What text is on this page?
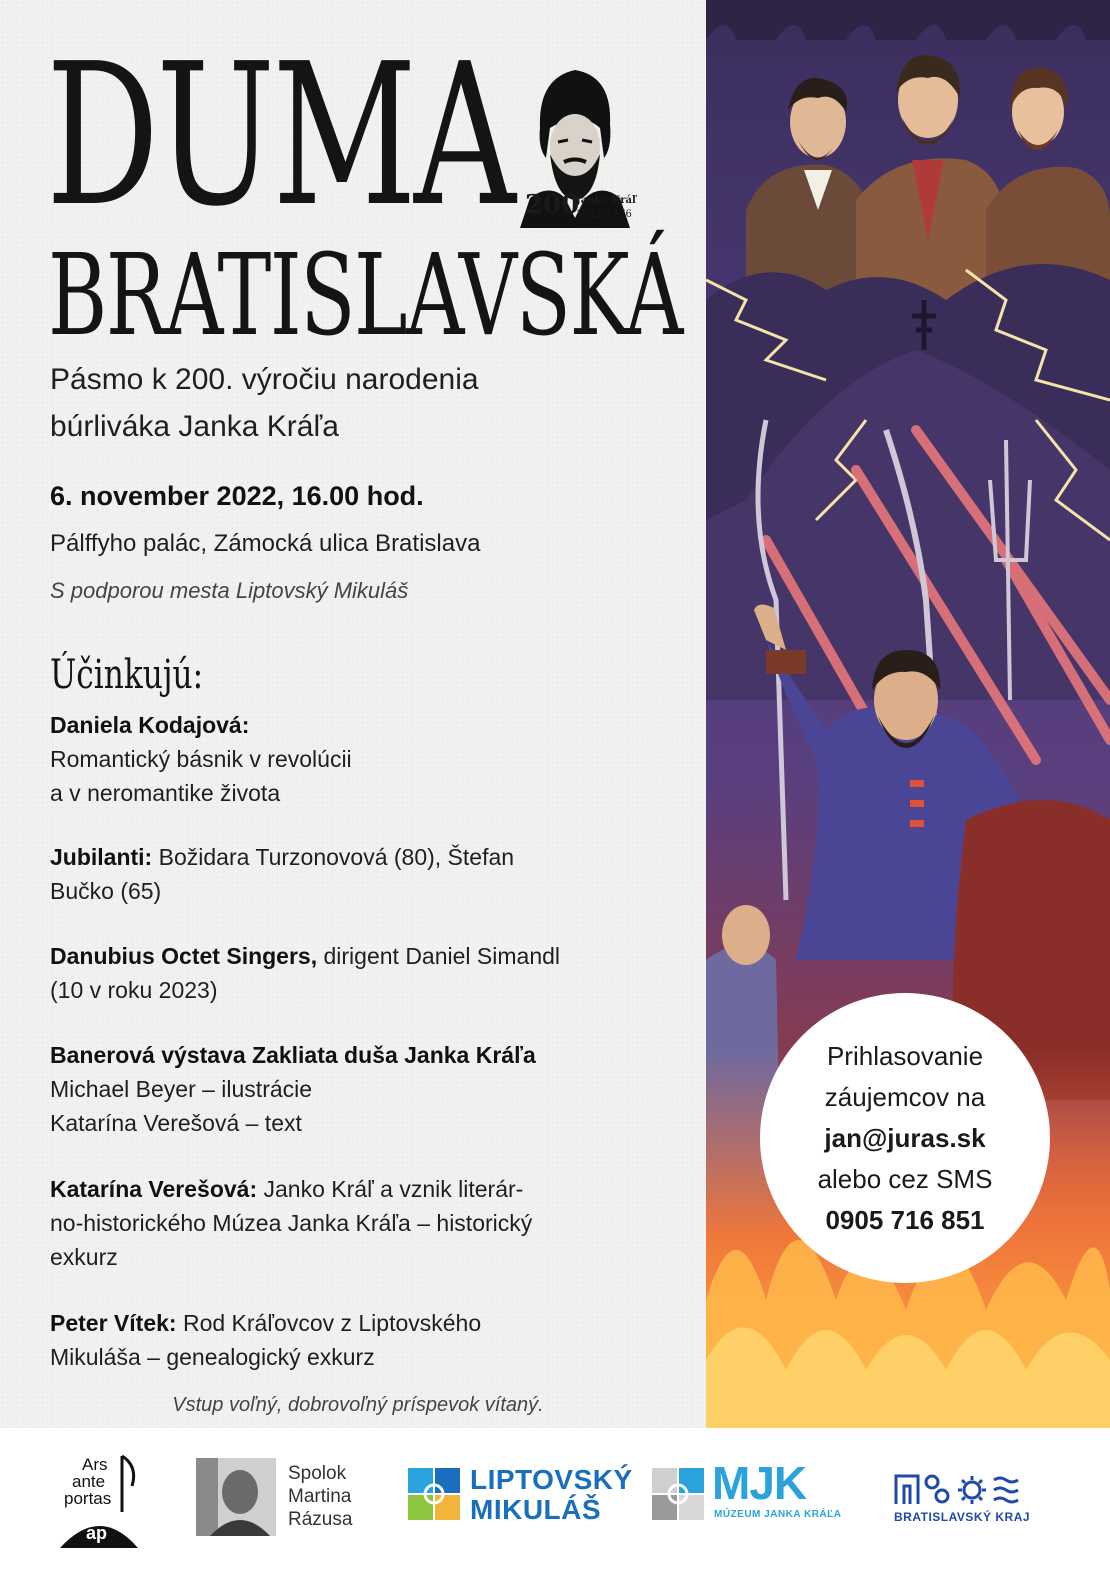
DUMA
BRATISLAVSKÁ
200
Janko Kráľ
1822–1876
Pásmo k 200. výročiu narodenia
búrliváka Janka Kráľa
6. november 2022, 16.00 hod.
Pálffyho palác, Zámocká ulica Bratislava
S podporou mesta Liptovský Mikuláš
Účinkujú:
Daniela Kodajová:
Romantický básnik v revolúcii
a v neromantike života
Jubilanti: Božidara Turzonovová (80), Štefan
Bučko (65)
Danubius Octet Singers, dirigent Daniel Simandl
(10 v roku 2023)
Banerová výstava Zakliata duša Janka Kráľa
Michael Beyer – ilustrácie
Katarína Verešová – text
Katarína Verešová: Janko Kráľ a vznik literár-
no-historického Múzea Janka Kráľa – historický
exkurz
Peter Vítek: Rod Kráľovcov z Liptovského
Mikuláša – genealogický exkurz
Vstup voľný, dobrovoľný príspevok vítaný.
Prihlasovanie
záujemcov na
jan@juras.sk
alebo cez SMS
0905 716 851
Ars
ante
portas
ap
Spolok
Martina
Rázusa
LIPTOVSKÝ
MIKULÁŠ
MJK
MÚZEUM JANKA KRÁĽA	BRATISLAVSKÝ KRAJ
